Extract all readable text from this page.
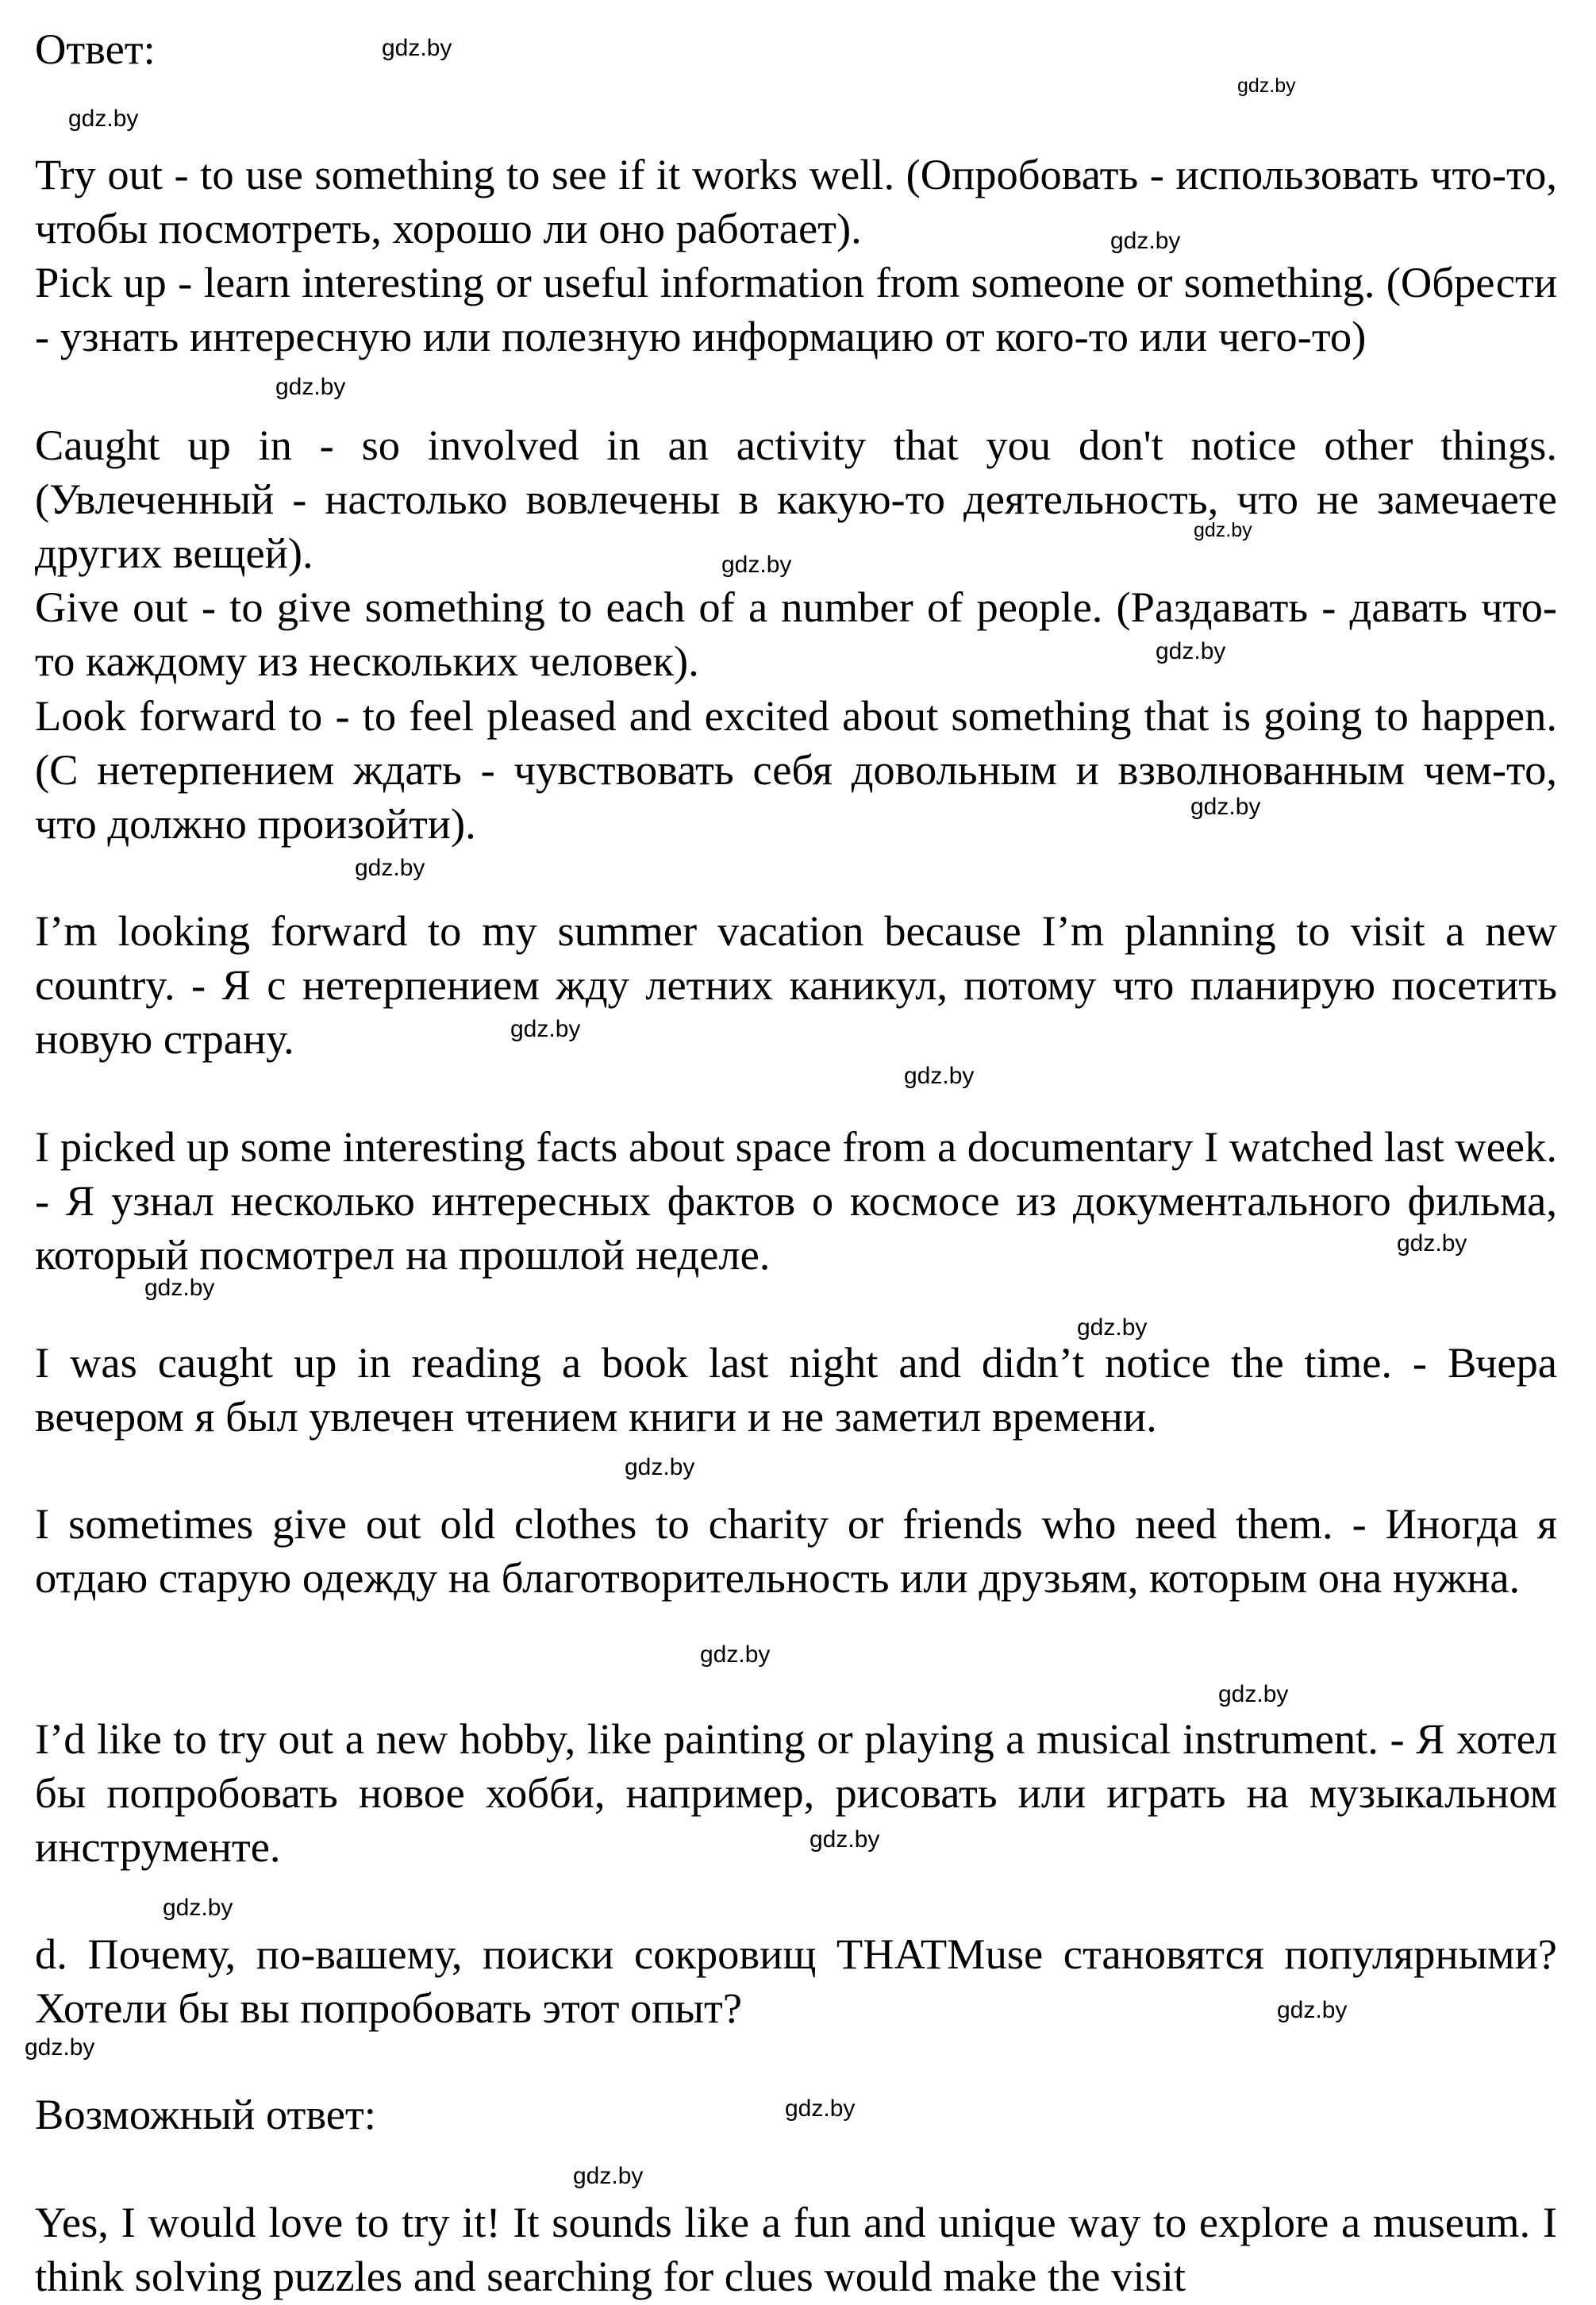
Ответ:

Try out - to use something to see if it works well. (Опробовать - использовать что-то, чтобы посмотреть, хорошо ли оно работает).

Pick up - learn interesting or useful information from someone or something. (Обрести - узнать интересную или полезную информацию от кого-то или чего-то)

Caught up in - so involved in an activity that you don't notice other things. (Увлеченный - настолько вовлечены в какую-то деятельность, что не замечаете других вещей).

Give out - to give something to each of a number of people. (Раздавать - давать что- то каждому из нескольких человек).

Look forward to - to feel pleased and excited about something that is going to happen. (С нетерпением ждать - чувствовать себя довольным и взволнованным чем-то, что должно произойти).

I’m looking forward to my summer vacation because I’m planning to visit a new country. - Я с нетерпением жду летних каникул, потому что планирую посетить новую страну.

I picked up some interesting facts about space from a documentary I watched last week. - Я узнал несколько интересных фактов о космосе из документального фильма, который посмотрел на прошлой неделе.

I was caught up in reading a book last night and didn’t notice the time. - Вчера вечером я был увлечен чтением книги и не заметил времени.

I sometimes give out old clothes to charity or friends who need them. - Иногда я отдаю старую одежду на благотворительность или друзьям, которым она нужна.

I’d like to try out a new hobby, like painting or playing a musical instrument. - Я хотел бы попробовать новое хобби, например, рисовать или играть на музыкальном инструменте.

d. Почему, по-вашему, поиски сокровищ THATMuse становятся популярными? Хотели бы вы попробовать этот опыт?

Возможный ответ:

Yes, I would love to try it! It sounds like a fun and unique way to explore a museum. I think solving puzzles and searching for clues would make the visit

gdz.by
gdz.by
gdz.by
gdz.by
gdz.by
gdz.by
gdz.by
gdz.by
gdz.by
gdz.by
gdz.by
gdz.by
gdz.by
gdz.by
gdz.by
gdz.by
gdz.by
gdz.by
gdz.by
gdz.by
gdz.by
gdz.by
gdz.by
gdz.by
